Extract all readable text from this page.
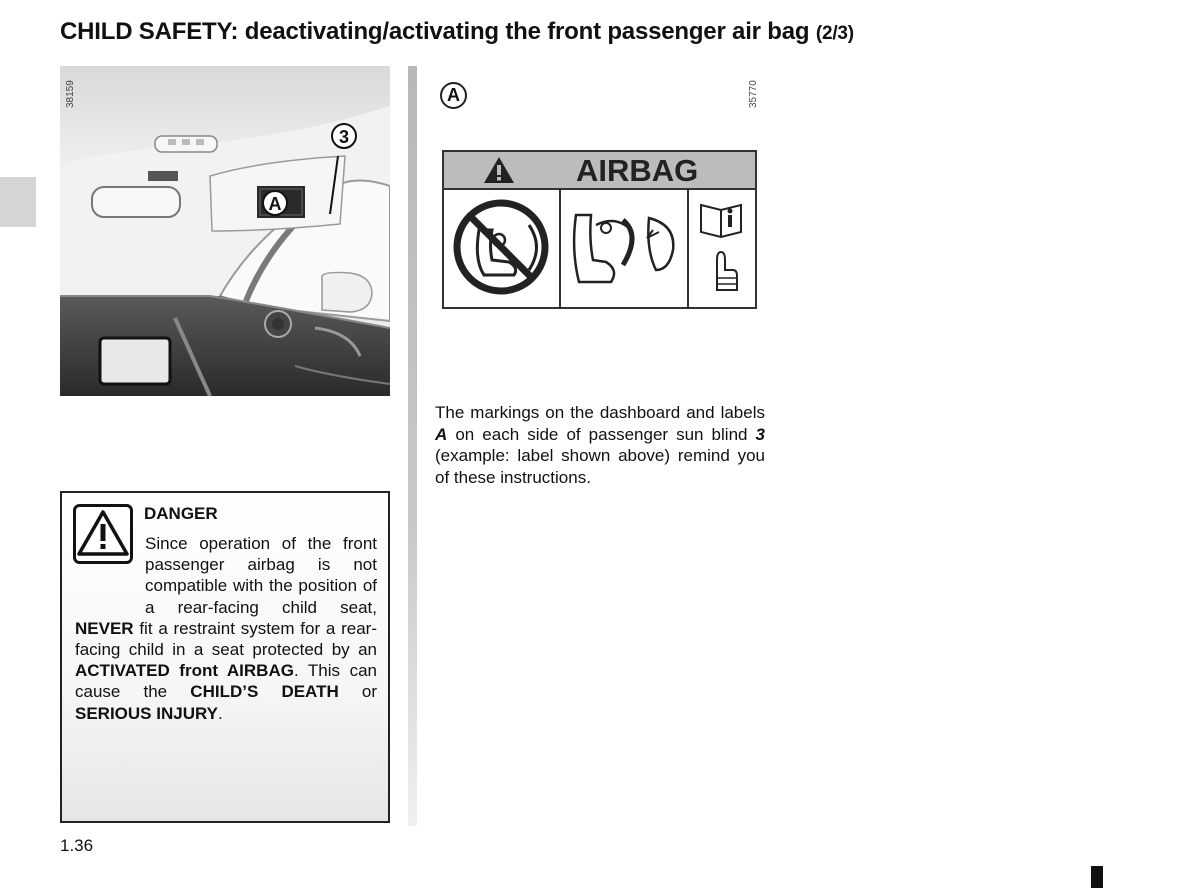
CHILD SAFETY: deactivating/activating the front passenger air bag (2/3)
3
A
38159	A	35770
AIRBAG

The markings on the dashboard and labels A on each side of passenger sun blind 3 (example: label shown above) remind you of these instructions.

DANGER

Since operation of the front passenger airbag is not compatible with the position of a rear-facing child seat, NEVER fit a restraint system for a rear-facing child in a seat protected by an ACTIVATED front AIRBAG. This can cause the CHILD’S DEATH or SERIOUS INJURY.

1.36
